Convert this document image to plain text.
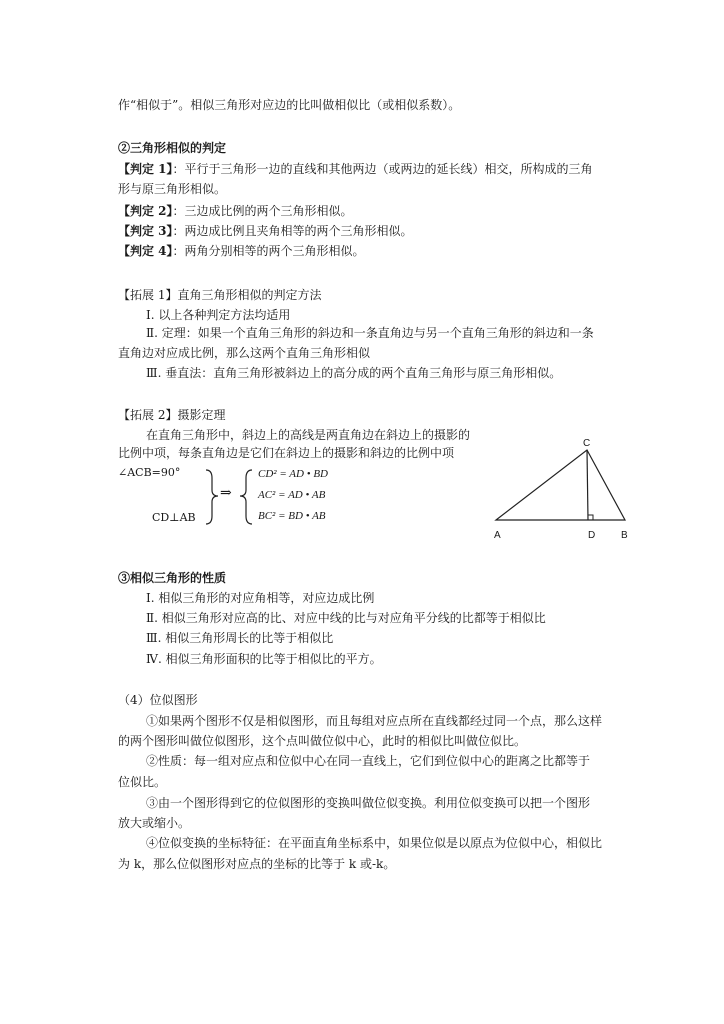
作“相似于”。相似三角形对应边的比叫做相似比（或相似系数）。
②三角形相似的判定
【判定 1】：平行于三角形一边的直线和其他两边（或两边的延长线）相交，所构成的三角
形与原三角形相似。
【判定 2】：三边成比例的两个三角形相似。
【判定 3】：两边成比例且夹角相等的两个三角形相似。
【判定 4】：两角分别相等的两个三角形相似。
【拓展 1】直角三角形相似的判定方法
Ⅰ. 以上各种判定方法均适用
Ⅱ. 定理：如果一个直角三角形的斜边和一条直角边与另一个直角三角形的斜边和一条
直角边对应成比例，那么这两个直角三角形相似
Ⅲ. 垂直法：直角三角形被斜边上的高分成的两个直角三角形与原三角形相似。
【拓展 2】摄影定理
在直角三角形中，斜边上的高线是两直角边在斜边上的摄影的
比例中项，每条直角边是它们在斜边上的摄影和斜边的比例中项
∠ACB=90°
CD⊥AB
⇒
CD² = AD • BD
AC² = AD • AB
BC² = BD • AB
C
A	D	B
③相似三角形的性质
Ⅰ. 相似三角形的对应角相等，对应边成比例
Ⅱ. 相似三角形对应高的比、对应中线的比与对应角平分线的比都等于相似比
Ⅲ. 相似三角形周长的比等于相似比
Ⅳ. 相似三角形面积的比等于相似比的平方。
（4）位似图形
①如果两个图形不仅是相似图形，而且每组对应点所在直线都经过同一个点，那么这样
的两个图形叫做位似图形，这个点叫做位似中心，此时的相似比叫做位似比。
②性质：每一组对应点和位似中心在同一直线上，它们到位似中心的距离之比都等于
位似比。
③由一个图形得到它的位似图形的变换叫做位似变换。利用位似变换可以把一个图形
放大或缩小。
④位似变换的坐标特征：在平面直角坐标系中，如果位似是以原点为位似中心，相似比
为 k，那么位似图形对应点的坐标的比等于 k 或-k。
